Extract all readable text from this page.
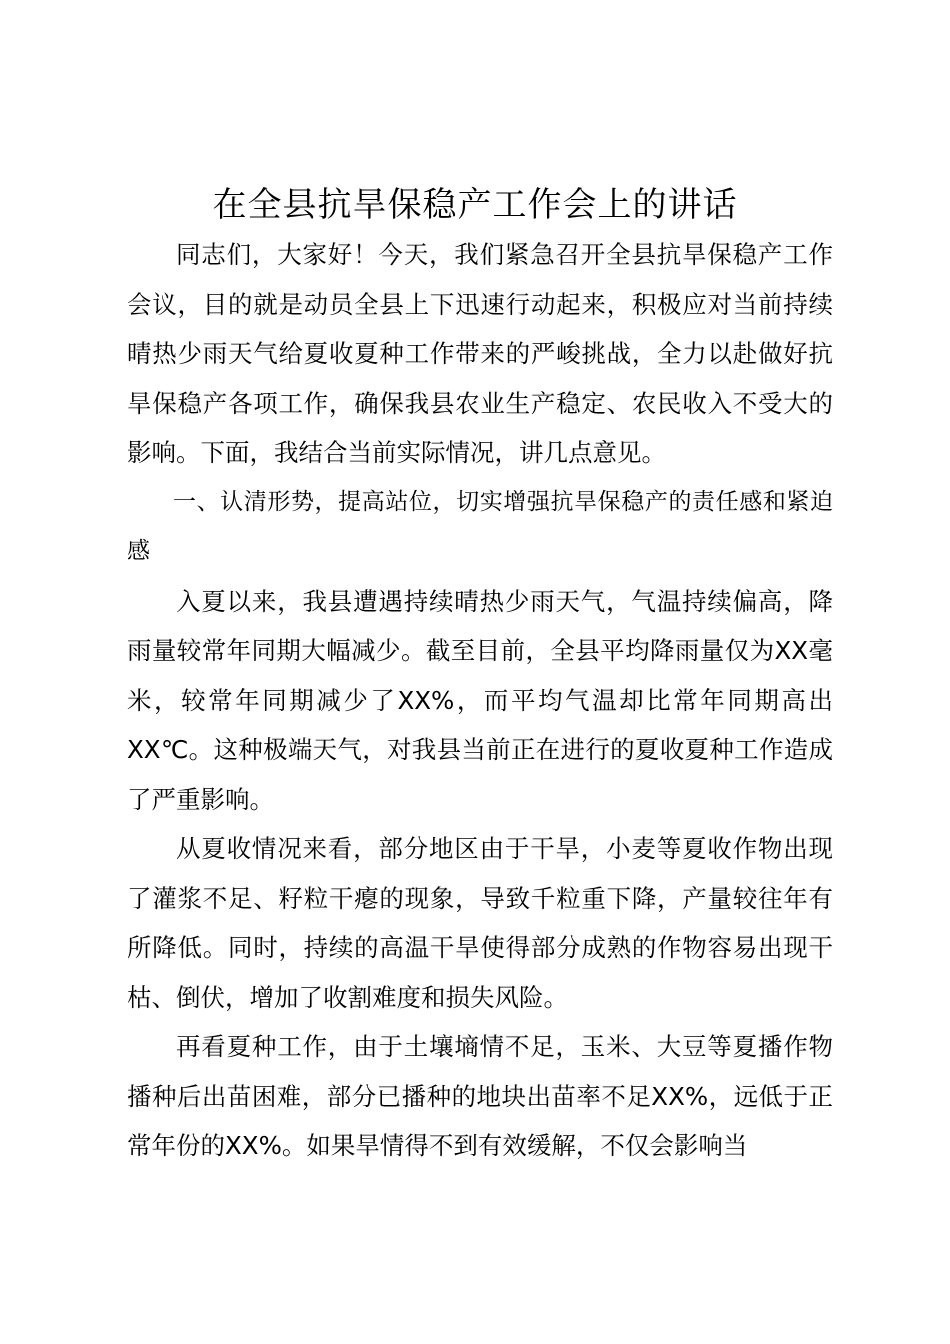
在全县抗旱保稳产工作会上的讲话

同志们，大家好！今天，我们紧急召开全县抗旱保稳产工作会议，目的就是动员全县上下迅速行动起来，积极应对当前持续晴热少雨天气给夏收夏种工作带来的严峻挑战，全力以赴做好抗旱保稳产各项工作，确保我县农业生产稳定、农民收入不受大的影响。下面，我结合当前实际情况，讲几点意见。

一、认清形势，提高站位，切实增强抗旱保稳产的责任感和紧迫感

入夏以来，我县遭遇持续晴热少雨天气，气温持续偏高，降雨量较常年同期大幅减少。截至目前，全县平均降雨量仅为XX毫米，较常年同期减少了XX%，而平均气温却比常年同期高出XX℃。这种极端天气，对我县当前正在进行的夏收夏种工作造成了严重影响。

从夏收情况来看，部分地区由于干旱，小麦等夏收作物出现了灌浆不足、籽粒干瘪的现象，导致千粒重下降，产量较往年有所降低。同时，持续的高温干旱使得部分成熟的作物容易出现干枯、倒伏，增加了收割难度和损失风险。

再看夏种工作，由于土壤墒情不足，玉米、大豆等夏播作物播种后出苗困难，部分已播种的地块出苗率不足XX%，远低于正常年份的XX%。如果旱情得不到有效缓解，不仅会影响当
